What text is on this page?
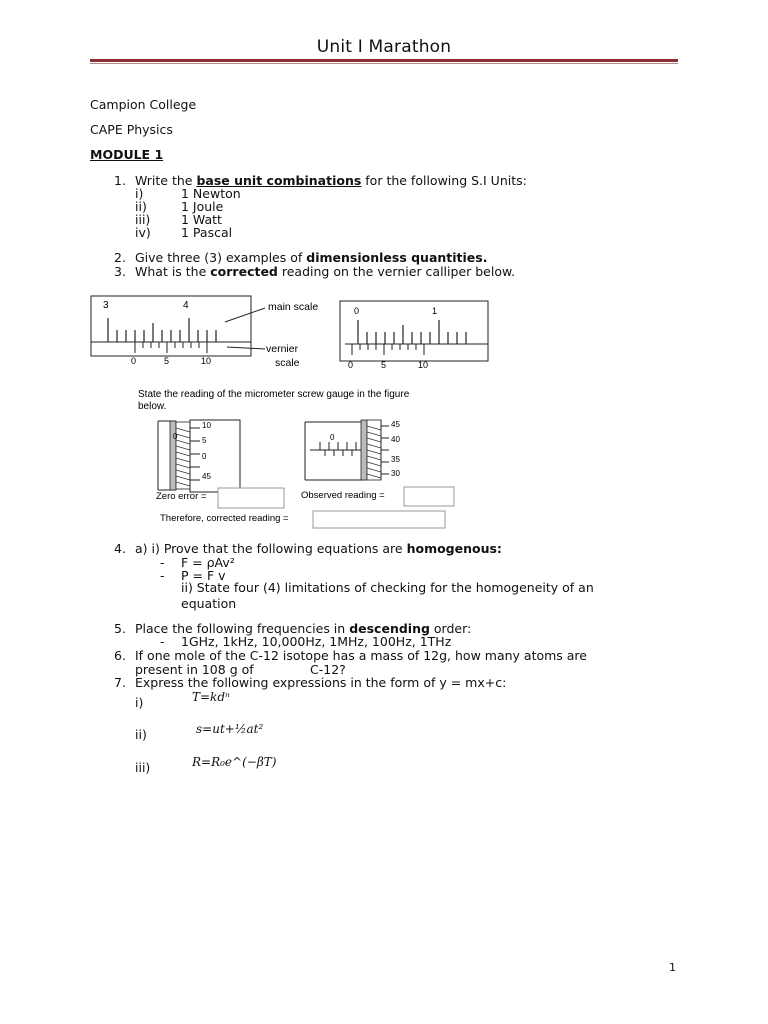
Unit I Marathon
Campion College
CAPE Physics
MODULE 1
1. Write the base unit combinations for the following S.I Units:
i)	1 Newton
ii)	1 Joule
iii) 1 Watt
iv) 1 Pascal
2. Give three (3) examples of dimensionless quantities.
3. What is the corrected reading on the vernier calliper below.
3	4
0	5	10
main scale
vernier
scale
0	1
0	5	10
State the reading of the micrometer screw gauge in the figure
below.
0
10
5
0
45
0
45
40
35
30
Zero error =	Observed reading =
Therefore, corrected reading =
4. a) i) Prove that the following equations are homogenous:
- F = ρAv²
- P = F v
ii) State four (4) limitations of checking for the homogeneity of an
equation
5. Place the following frequencies in descending order:
- 1GHz, 1kHz, 10,000Hz, 1MHz, 100Hz, 1THz
6. If one mole of the C-12 isotope has a mass of 12g, how many atoms are
present in 108 g of	C-12?
7. Express the following expressions in the form of y = mx+c:
i)	T=kdⁿ
ii)	s=ut+½at²
iii)	R=R₀e^(−βT)
1
